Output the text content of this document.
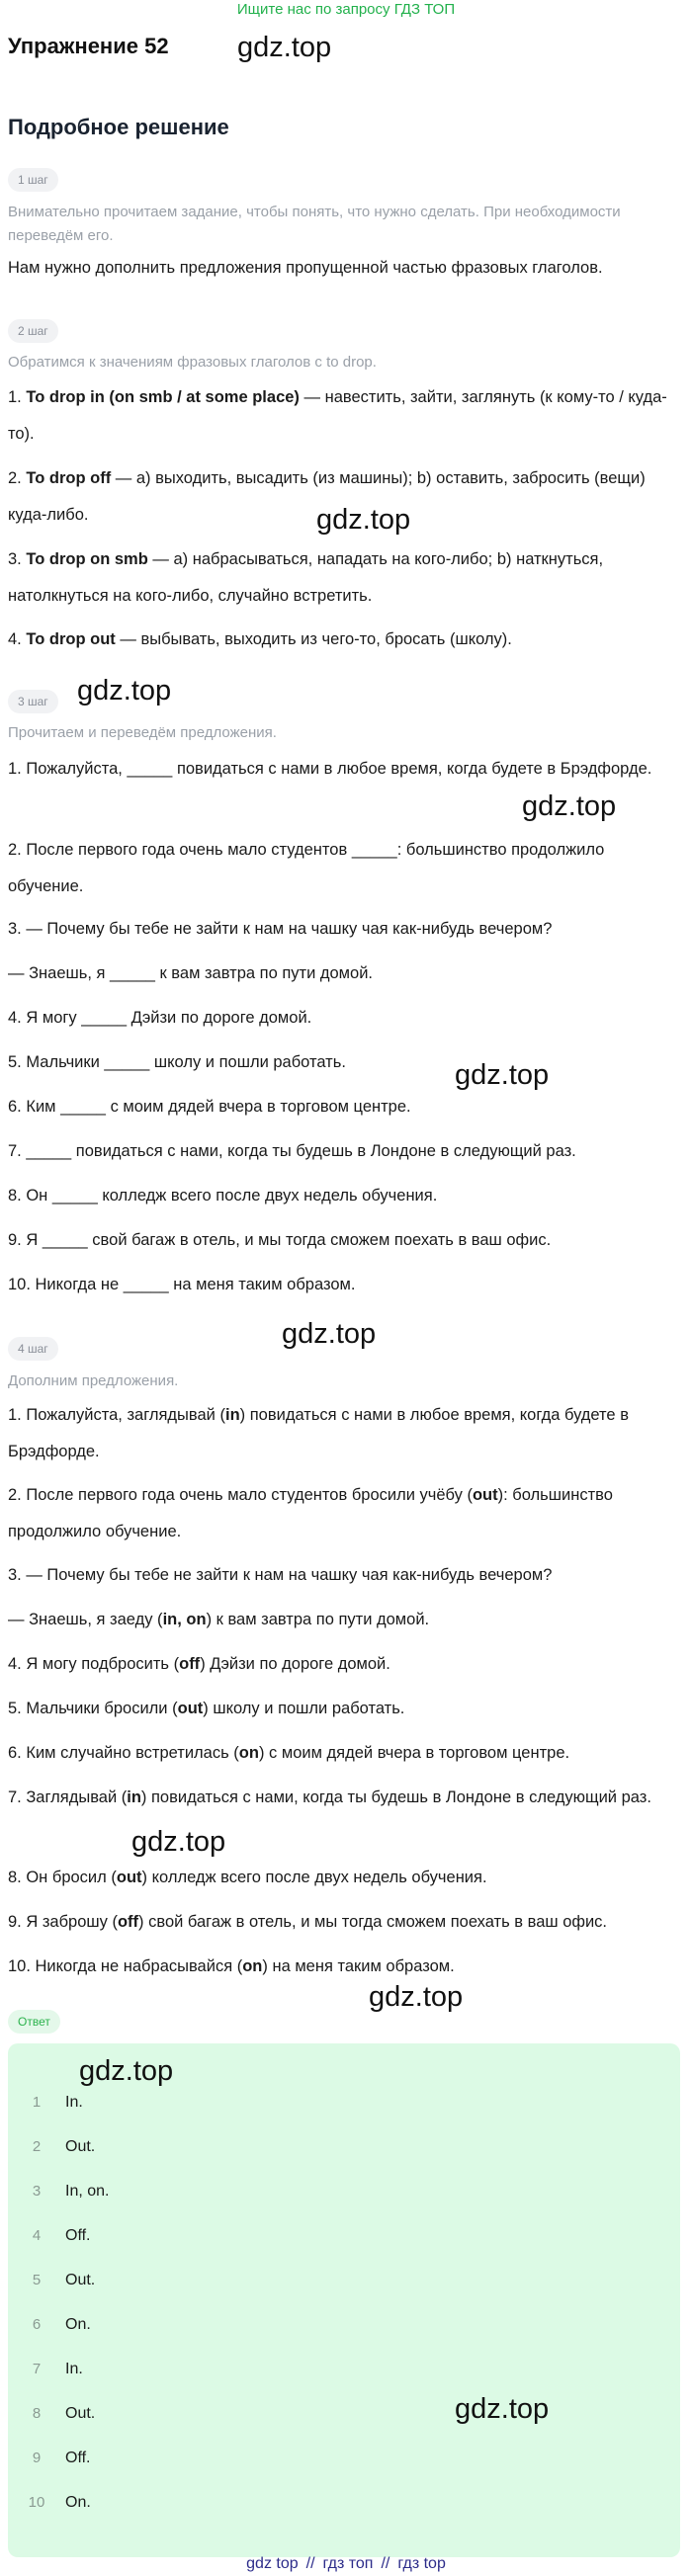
Ищите нас по запросу ГДЗ ТОП
Упражнение 52 gdz.top
Подробное решение
1 шаг
Внимательно прочитаем задание, чтобы понять, что нужно сделать. При необходимости переведём его.
Нам нужно дополнить предложения пропущенной частью фразовых глаголов.
2 шаг
Обратимся к значениям фразовых глаголов с to drop.
1. To drop in (on smb / at some place) — навестить, зайти, заглянуть (к кому-то / куда-то).
2. To drop off — а) выходить, высадить (из машины); b) оставить, забросить (вещи) куда-либо.	gdz.top
3. To drop on smb — а) набрасываться, нападать на кого-либо; b) наткнуться, натолкнуться на кого-либо, случайно встретить.
4. To drop out — выбывать, выходить из чего-то, бросать (школу).
3 шаг	gdz.top
Прочитаем и переведём предложения.
1. Пожалуйста, _____ повидаться с нами в любое время, когда будете в Брэдфорде.
gdz.top
2. После первого года очень мало студентов _____: большинство продолжило обучение.
3. — Почему бы тебе не зайти к нам на чашку чая как-нибудь вечером?
— Знаешь, я _____ к вам завтра по пути домой.
4. Я могу _____ Дэйзи по дороге домой.
5. Мальчики _____ школу и пошли работать.	gdz.top
6. Ким _____ с моим дядей вчера в торговом центре.
7. _____ повидаться с нами, когда ты будешь в Лондоне в следующий раз.
8. Он _____ колледж всего после двух недель обучения.
9. Я _____ свой багаж в отель, и мы тогда сможем поехать в ваш офис.
10. Никогда не _____ на меня таким образом.
gdz.top
4 шаг
Дополним предложения.
1. Пожалуйста, заглядывай (in) повидаться с нами в любое время, когда будете в Брэдфорде.
2. После первого года очень мало студентов бросили учёбу (out): большинство продолжило обучение.
3. — Почему бы тебе не зайти к нам на чашку чая как-нибудь вечером?
— Знаешь, я заеду (in, on) к вам завтра по пути домой.
4. Я могу подбросить (off) Дэйзи по дороге домой.
5. Мальчики бросили (out) школу и пошли работать.
6. Ким случайно встретилась (on) с моим дядей вчера в торговом центре.
7. Заглядывай (in) повидаться с нами, когда ты будешь в Лондоне в следующий раз.
gdz.top
8. Он бросил (out) колледж всего после двух недель обучения.
9. Я заброшу (off) свой багаж в отель, и мы тогда сможем поехать в ваш офис.
10. Никогда не набрасывайся (on) на меня таким образом.
gdz.top
Ответ
gdz.top
1	In.
2	Out.
3	In, on.
4	Off.
5	Out.
6	On.
7	In.
8	Out.	gdz.top
9	Off.
10	On.
gdz top // гдз топ // гдз top
